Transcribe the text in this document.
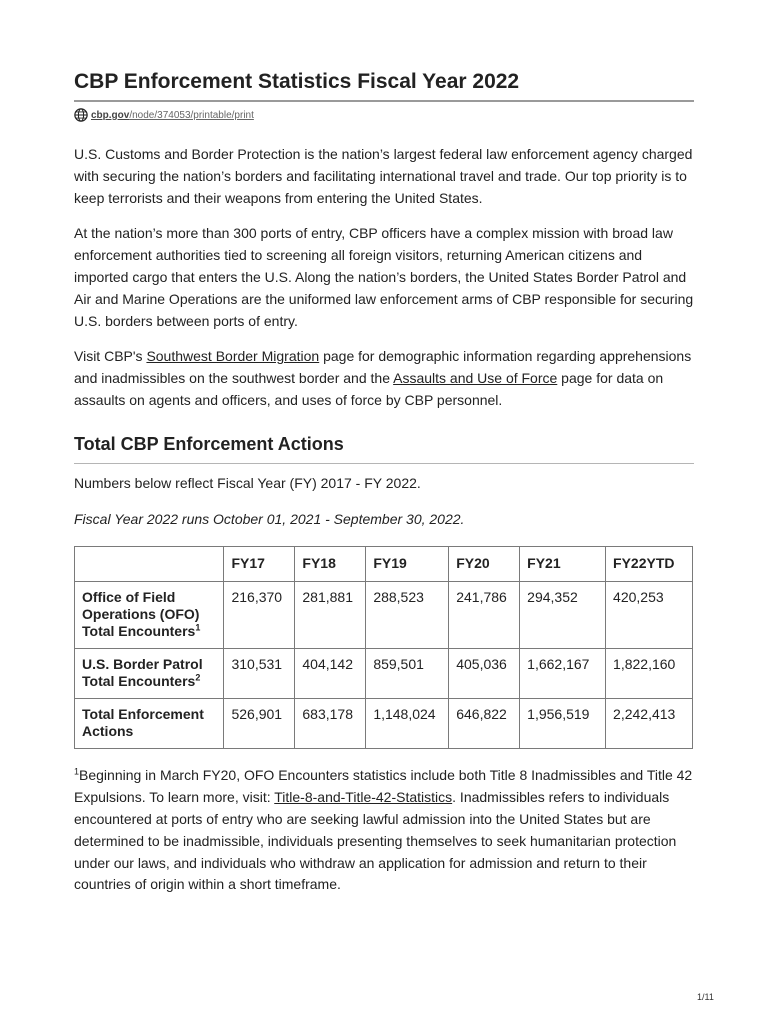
CBP Enforcement Statistics Fiscal Year 2022
cbp.gov /node/374053/printable/print

U.S. Customs and Border Protection is the nation’s largest federal law enforcement agency charged with securing the nation’s borders and facilitating international travel and trade. Our top priority is to keep terrorists and their weapons from entering the United States.

At the nation’s more than 300 ports of entry, CBP officers have a complex mission with broad law enforcement authorities tied to screening all foreign visitors, returning American citizens and imported cargo that enters the U.S. Along the nation’s borders, the United States Border Patrol and Air and Marine Operations are the uniformed law enforcement arms of CBP responsible for securing U.S. borders between ports of entry.

Visit CBP's Southwest Border Migration page for demographic information regarding apprehensions and inadmissibles on the southwest border and the Assaults and Use of Force page for data on assaults on agents and officers, and uses of force by CBP personnel.

Total CBP Enforcement Actions

Numbers below reflect Fiscal Year (FY) 2017 - FY 2022.

Fiscal Year 2022 runs October 01, 2021 - September 30, 2022.

	FY17	FY18	FY19	FY20	FY21	FY22YTD
Office of Field Operations (OFO) Total Encounters$^1$	216,370	281,881	288,523	241,786	294,352	420,253
U.S. Border Patrol Total Encounters$^2$	310,531	404,142	859,501	405,036	1,662,167	1,822,160
Total Enforcement Actions	526,901	683,178	1,148,024	646,822	1,956,519	2,242,413

$^1$Beginning in March FY20, OFO Encounters statistics include both Title 8 Inadmissibles and Title 42 Expulsions. To learn more, visit: Title-8-and-Title-42-Statistics. Inadmissibles refers to individuals encountered at ports of entry who are seeking lawful admission into the United States but are determined to be inadmissible, individuals presenting themselves to seek humanitarian protection under our laws, and individuals who withdraw an application for admission and return to their countries of origin within a short timeframe.

1/11
